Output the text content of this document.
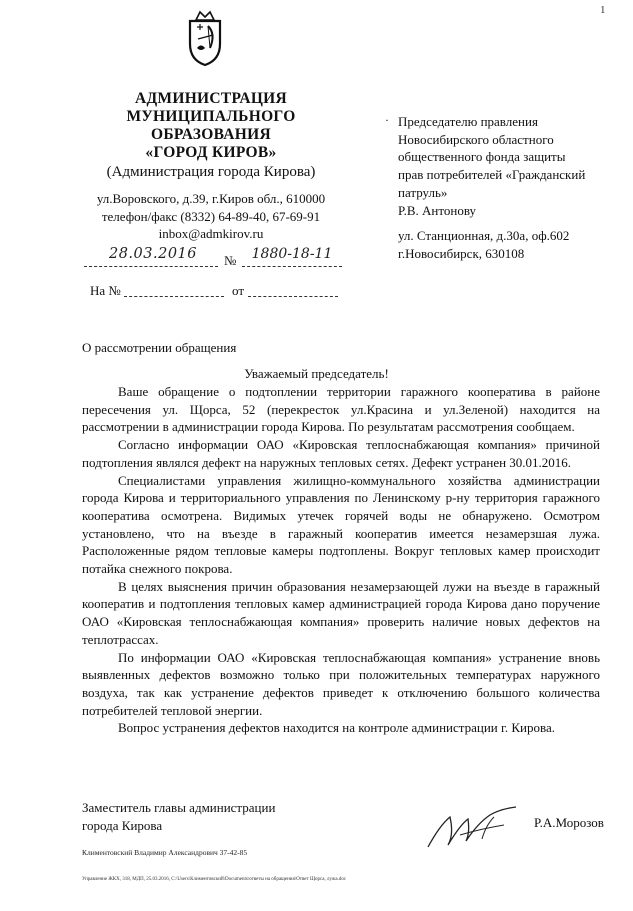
1
АДМИНИСТРАЦИЯ
МУНИЦИПАЛЬНОГО
ОБРАЗОВАНИЯ
«ГОРОД КИРОВ»
(Администрация города Кирова)
ул.Воровского, д.39, г.Киров обл., 610000
телефон/факс (8332) 64-89-40, 67-69-91
inbox@admkirov.ru
28.03.2016	№	1880-18-11
На №	от
· Председателю правления
Новосибирского областного
общественного фонда защиты
прав потребителей «Гражданский
патруль»
Р.В. Антонову
ул. Станционная, д.30а, оф.602
г.Новосибирск, 630108
О рассмотрении обращения
Уважаемый председатель!

Ваше обращение о подтоплении территории гаражного кооператива в районе пересечения ул. Щорса, 52 (перекресток ул.Красина и ул.Зеленой) находится на рассмотрении в администрации города Кирова. По результатам рассмотрения сообщаем.

Согласно информации ОАО «Кировская теплоснабжающая компания» причиной подтопления являлся дефект на наружных тепловых сетях. Дефект устранен 30.01.2016.

Специалистами управления жилищно-коммунального хозяйства администрации города Кирова и территориального управления по Ленинскому р-ну территория гаражного кооператива осмотрена. Видимых утечек горячей воды не обнаружено. Осмотром установлено, что на въезде в гаражный кооператив имеется незамерзшая лужа. Расположенные рядом тепловые камеры подтоплены. Вокруг тепловых камер происходит потайка снежного покрова.

В целях выяснения причин образования незамерзающей лужи на въезде в гаражный кооператив и подтопления тепловых камер администрацией города Кирова дано поручение ОАО «Кировская теплоснабжающая компания» проверить наличие новых дефектов на теплотрассах.

По информации ОАО «Кировская теплоснабжающая компания» устранение вновь выявленных дефектов возможно только при положительных температурах наружного воздуха, так как устранение дефектов приведет к отключению большого количества потребителей тепловой энергии.

Вопрос устранения дефектов находится на контроле администрации г. Кирова.

Заместитель главы администрации
города Кирова	Р.А.Морозов
Климентовский Владимир Александрович 37-42-85
Управление ЖКХ, 318, МДП, 25.03.2016, C:\Users\Климентовский\Documents\ответы на обращения\Ответ Щорса, лужа.doc
